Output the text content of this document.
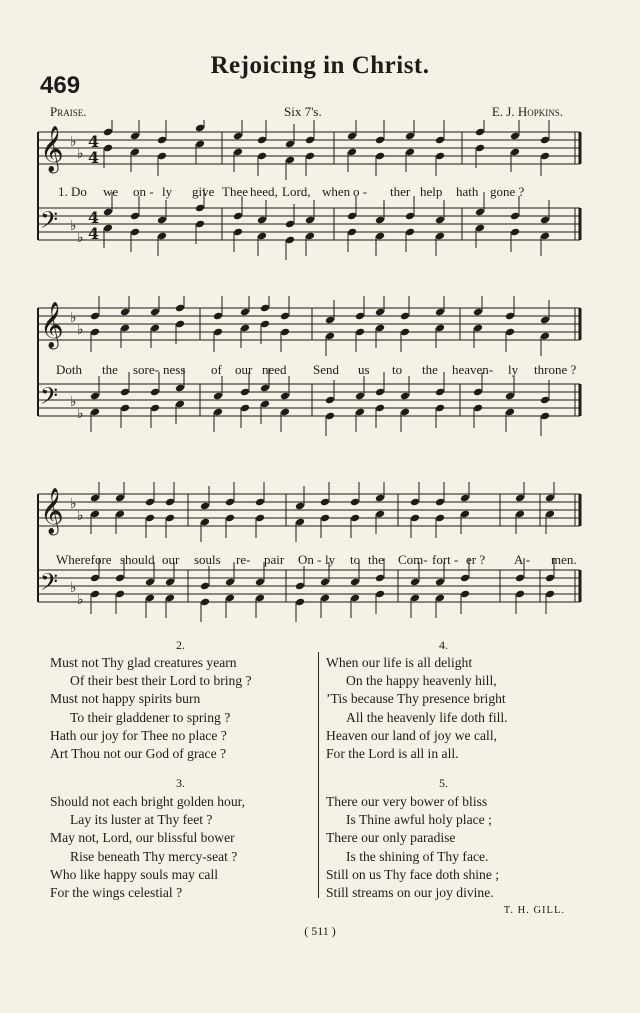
Rejoicing in Christ.
469
Praise.	Six 7's.	E. J. Hopkins.
𝄞 ♭
♭
4
4
𝄢 ♭
♭
4
4
1. Do we on - ly give Thee heed, Lord, when o - ther help hath gone ?
𝄞 ♭
♭
𝄢 ♭
♭
Doth the sore- ness of our need Send us to the heaven- ly throne ?
𝄞 ♭
♭
𝄢 ♭
♭
Wherefore should our souls re- pair On - ly to the Com- fort - er ? A - men.
2.	4.
Must not Thy glad creatures yearn
Of their best their Lord to bring ?
Must not happy spirits burn
To their gladdener to spring ?
Hath our joy for Thee no place ?
Art Thou not our God of grace ?
3.	5.
Should not each bright golden hour,
Lay its luster at Thy feet ?
May not, Lord, our blissful bower
Rise beneath Thy mercy-seat ?
Who like happy souls may call
For the wings celestial ?
When our life is all delight
On the happy heavenly hill,
’Tis because Thy presence bright
All the heavenly life doth fill.
Heaven our land of joy we call,
For the Lord is all in all.
There our very bower of bliss
Is Thine awful holy place ;
There our only paradise
Is the shining of Thy face.
Still on us Thy face doth shine ;
Still streams on our joy divine.
T. H. GILL.
( 511 )
